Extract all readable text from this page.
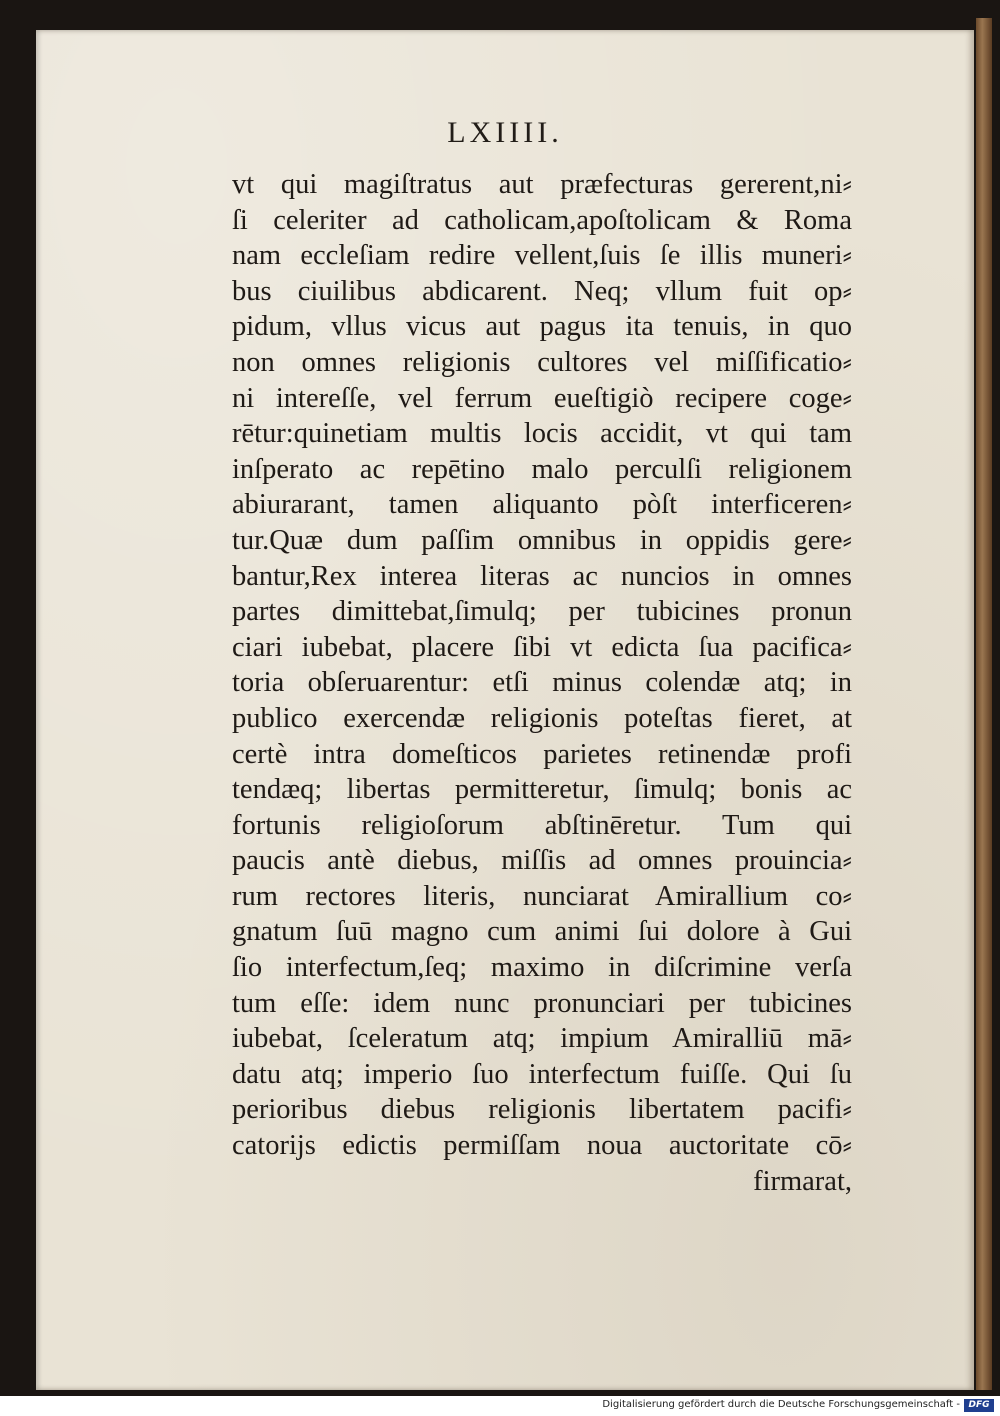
LXIIII.
vt qui magiſtratus aut præfecturas gererent,ni⸗
ſi celeriter ad catholicam,apoſtolicam & Roma
nam eccleſiam redire vellent,ſuis ſe illis muneri⸗
bus ciuilibus abdicarent. Neq; vllum fuit op⸗
pidum, vllus vicus aut pagus ita tenuis, in quo
non omnes religionis cultores vel miſſificatio⸗
ni intereſſe, vel ferrum eueſtigiò recipere coge⸗
rētur:quinetiam multis locis accidit, vt qui tam
inſperato ac repētino malo perculſi religionem
abiurarant, tamen aliquanto pòſt interficeren⸗
tur.Quæ dum paſſim omnibus in oppidis gere⸗
bantur,Rex interea literas ac nuncios in omnes
partes dimittebat,ſimulq; per tubicines pronun
ciari iubebat, placere ſibi vt edicta ſua pacifica⸗
toria obſeruarentur: etſi minus colendæ atq; in
publico exercendæ religionis poteſtas fieret, at
certè intra domeſticos parietes retinendæ profi
tendæq; libertas permitteretur, ſimulq; bonis ac
fortunis religioſorum abſtinēretur. Tum qui
paucis antè diebus, miſſis ad omnes prouincia⸗
rum rectores literis, nunciarat Amirallium co⸗
gnatum ſuū magno cum animi ſui dolore à Gui
ſio interfectum,ſeq; maximo in diſcrimine verſa
tum eſſe: idem nunc pronunciari per tubicines
iubebat, ſceleratum atq; impium Amiralliū mā⸗
datu atq; imperio ſuo interfectum fuiſſe. Qui ſu
perioribus diebus religionis libertatem pacifi⸗
catorijs edictis permiſſam noua auctoritate cō⸗
firmarat,
Digitalisierung gefördert durch die Deutsche Forschungsgemeinschaft - DFG
